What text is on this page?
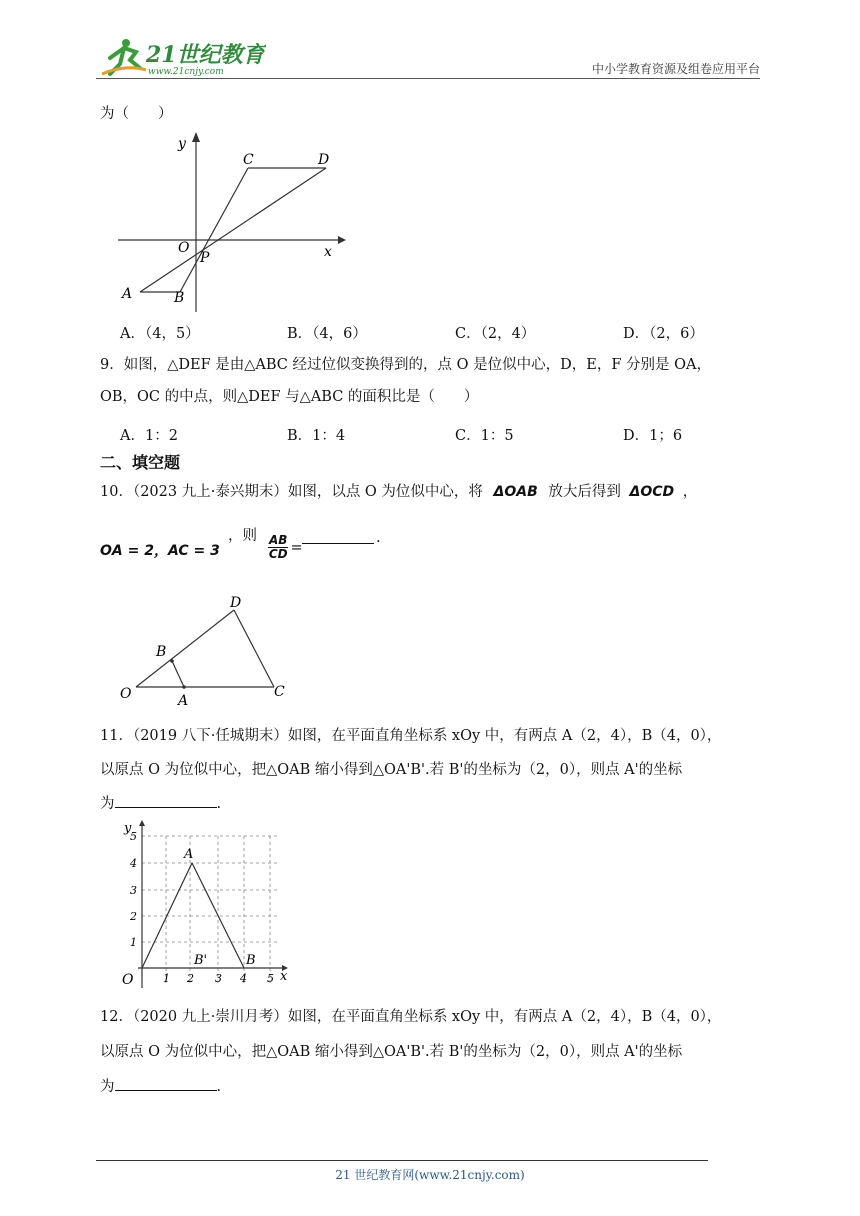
21世纪教育
www.21cnjy.com	中小学教育资源及组卷应用平台
为（　　）
y
x
O
P
A	B
C	D
A．（4，5）	B．（4，6）	C．（2，4）	D．（2，6）
9．如图，△DEF 是由△ABC 经过位似变换得到的，点 O 是位似中心，D，E，F 分别是 OA，
OB，OC 的中点，则△DEF 与△ABC 的面积比是（　　）
A．1：2	B．1：4	C．1：5	D．1；6
二、填空题
10．（2023 九上·泰兴期末）如图，以点 O 为位似中心，将 ΔOAB 放大后得到 ΔOCD ，
OA = 2，AC = 3
，则 $\frac{AB}{CD}$ =
.
O	A
B
C
D
11．（2019 八下·任城期末）如图，在平面直角坐标系 xOy 中，有两点 A（2，4），B（4，0），
以原点 O 为位似中心，把△OAB 缩小得到△OA'B'.若 B'的坐标为（2，0），则点 A'的坐标
为	.
1 2 3 4 5
1
2
3
4
5
y
x
O
A
B
B'
12．（2020 九上·崇川月考）如图，在平面直角坐标系 xOy 中，有两点 A（2，4），B（4，0），
以原点 O 为位似中心，把△OAB 缩小得到△OA'B'.若 B'的坐标为（2，0），则点 A'的坐标
为	.
21 世纪教育网(www.21cnjy.com)
